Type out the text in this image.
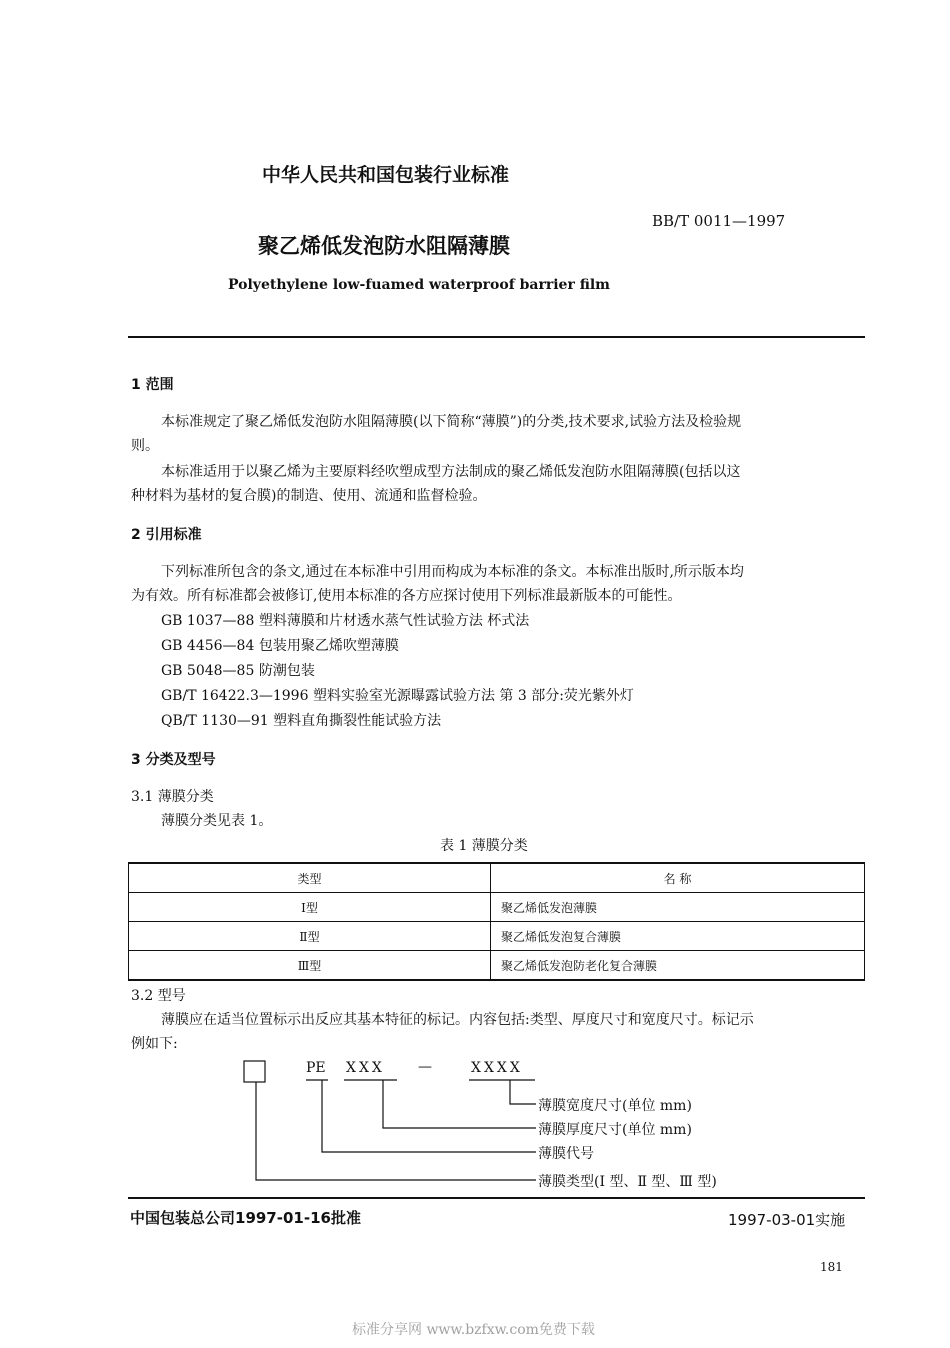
中华人民共和国包装行业标准
BB/T 0011—1997
聚乙烯低发泡防水阻隔薄膜
Polyethylene low-fuamed waterproof barrier film
1 范围
本标准规定了聚乙烯低发泡防水阻隔薄膜(以下简称“薄膜”)的分类,技术要求,试验方法及检验规
则。
本标准适用于以聚乙烯为主要原料经吹塑成型方法制成的聚乙烯低发泡防水阻隔薄膜(包括以这
种材料为基材的复合膜)的制造、使用、流通和监督检验。
2 引用标准
下列标准所包含的条文,通过在本标准中引用而构成为本标准的条文。本标准出版时,所示版本均
为有效。所有标准都会被修订,使用本标准的各方应探讨使用下列标准最新版本的可能性。
GB 1037—88 塑料薄膜和片材透水蒸气性试验方法 杯式法
GB 4456—84 包装用聚乙烯吹塑薄膜
GB 5048—85 防潮包装
GB/T 16422.3—1996 塑料实验室光源曝露试验方法 第 3 部分:荧光紫外灯
QB/T 1130—91 塑料直角撕裂性能试验方法
3 分类及型号
3.1 薄膜分类
薄膜分类见表 1。
表 1 薄膜分类
类型	名 称
Ⅰ型	聚乙烯低发泡薄膜
Ⅱ型	聚乙烯低发泡复合薄膜
Ⅲ型	聚乙烯低发泡防老化复合薄膜
3.2 型号
薄膜应在适当位置标示出反应其基本特征的标记。内容包括:类型、厚度尺寸和宽度尺寸。标记示
例如下:
PE XXX —	XXXX
薄膜宽度尺寸(单位 mm)
薄膜厚度尺寸(单位 mm)
薄膜代号
薄膜类型(Ⅰ 型、Ⅱ 型、Ⅲ 型)
中国包装总公司1997-01-16批准	1997-03-01实施
181
标准分享网 www.bzfxw.com免费下载
